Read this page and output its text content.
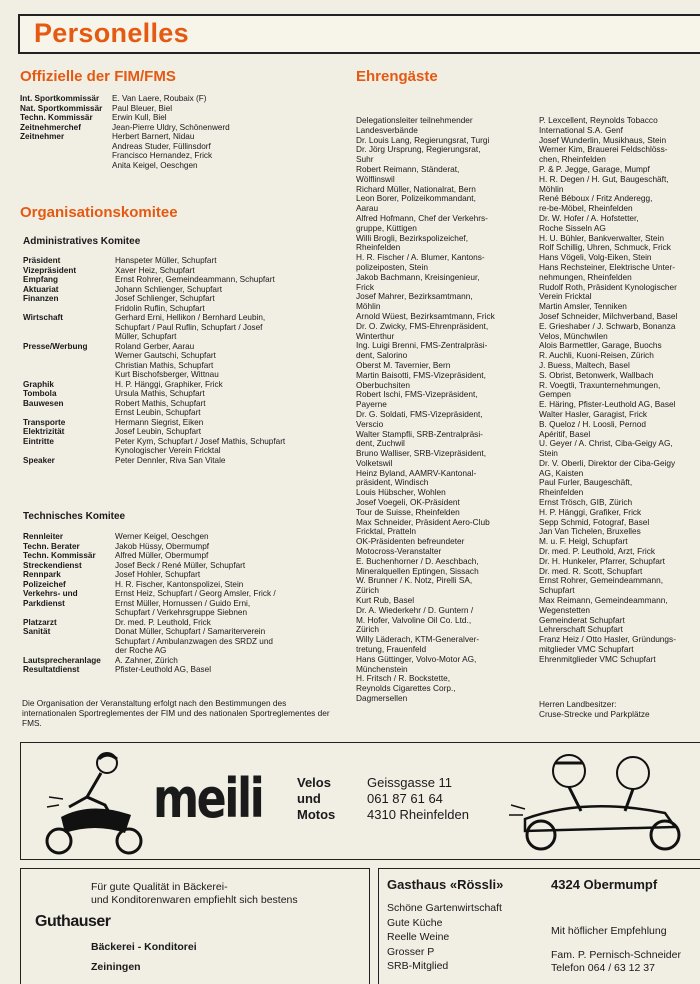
Personelles
Offizielle der FIM/FMS
Int. Sportkommissär	E. Van Laere, Roubaix (F)
Nat. Sportkommissär	Paul Bleuer, Biel
Techn. Kommissär	Erwin Kull, Biel
Zeitnehmerchef	Jean-Pierre Uldry, Schönenwerd
Zeitnehmer	Herbert Barnert, Nidau
Andreas Studer, Füllinsdorf
Francisco Hernandez, Frick
Anita Keigel, Oeschgen
Organisationskomitee
Administratives Komitee
Präsident	Hanspeter Müller, Schupfart
Vizepräsident	Xaver Heiz, Schupfart
Empfang	Ernst Rohrer, Gemeindeammann, Schupfart
Aktuariat	Johann Schlienger, Schupfart
Finanzen	Josef Schlienger, Schupfart
Fridolin Ruflin, Schupfart
Wirtschaft	Gerhard Erni, Hellikon / Bernhard Leubin,
Schupfart / Paul Ruflin, Schupfart / Josef
Müller, Schupfart
Presse/Werbung	Roland Gerber, Aarau
Werner Gautschi, Schupfart
Christian Mathis, Schupfart
Kurt Bischofsberger, Wittnau
Graphik	H. P. Hänggi, Graphiker, Frick
Tombola	Ursula Mathis, Schupfart
Bauwesen	Robert Mathis, Schupfart
Ernst Leubin, Schupfart
Transporte	Hermann Siegrist, Eiken
Elektrizität	Josef Leubin, Schupfart
Eintritte	Peter Kym, Schupfart / Josef Mathis, Schupfart
Kynologischer Verein Fricktal
Speaker	Peter Dennler, Riva San Vitale
Technisches Komitee
Rennleiter	Werner Keigel, Oeschgen
Techn. Berater	Jakob Hüssy, Obermumpf
Techn. Kommissär	Alfred Müller, Obermumpf
Streckendienst	Josef Beck / René Müller, Schupfart
Rennpark	Josef Hohler, Schupfart
Polizeichef	H. R. Fischer, Kantonspolizei, Stein
Verkehrs- und	Ernst Heiz, Schupfart / Georg Amsler, Frick /
Parkdienst	Ernst Müller, Hornussen / Guido Erni,
Schupfart / Verkehrsgruppe Siebnen
Platzarzt	Dr. med. P. Leuthold, Frick
Sanität	Donat Müller, Schupfart / Samariterverein
Schupfart / Ambulanzwagen des SRDZ und
der Roche AG
Lautsprecheranlage	A. Zahner, Zürich
Resultatdienst	Pfister-Leuthold AG, Basel
Die Organisation der Veranstaltung erfolgt nach den Bestimmungen des internationalen Sportreglementes der FIM und des nationalen Sportreglementes der FMS.
Ehrengäste
Delegationsleiter teilnehmender
Landesverbände
Dr. Louis Lang, Regierungsrat, Turgi
Dr. Jörg Ursprung, Regierungsrat,
Suhr
Robert Reimann, Ständerat,
Wölflinswil
Richard Müller, Nationalrat, Bern
Leon Borer, Polizeikommandant,
Aarau
Alfred Hofmann, Chef der Verkehrs-
gruppe, Küttigen
Willi Brogli, Bezirkspolizeichef,
Rheinfelden
H. R. Fischer / A. Blumer, Kantons-
polizeiposten, Stein
Jakob Bachmann, Kreisingenieur,
Frick
Josef Mahrer, Bezirksamtmann,
Möhlin
Arnold Wüest, Bezirksamtmann, Frick
Dr. O. Zwicky, FMS-Ehrenpräsident,
Winterthur
Ing. Luigi Brenni, FMS-Zentralpräsi-
dent, Salorino
Oberst M. Tavernier, Bern
Martin Baisotti, FMS-Vizepräsident,
Oberbuchsiten
Robert Ischi, FMS-Vizepräsident,
Payerne
Dr. G. Soldati, FMS-Vizepräsident,
Verscio
Walter Stampfli, SRB-Zentralpräsi-
dent, Zuchwil
Bruno Walliser, SRB-Vizepräsident,
Volketswil
Heinz Byland, AAMRV-Kantonal-
präsident, Windisch
Louis Hübscher, Wohlen
Josef Voegeli, OK-Präsident
Tour de Suisse, Rheinfelden
Max Schneider, Präsident Aero-Club
Fricktal, Pratteln
OK-Präsidenten befreundeter
Motocross-Veranstalter
E. Buchenhorner / D. Aeschbach,
Mineralquellen Eptingen, Sissach
W. Brunner / K. Notz, Pirelli SA,
Zürich
Kurt Rub, Basel
Dr. A. Wiederkehr / D. Guntern /
M. Hofer, Valvoline Oil Co. Ltd.,
Zürich
Willy Läderach, KTM-Generalver-
tretung, Frauenfeld
Hans Güttinger, Volvo-Motor AG,
Münchenstein
H. Fritsch / R. Bockstette,
Reynolds Cigarettes Corp.,
Dagmersellen
P. Lexcellent, Reynolds Tobacco
International S.A. Genf
Josef Wunderlin, Musikhaus, Stein
Werner Kim, Brauerei Feldschlöss-
chen, Rheinfelden
P. & P. Jegge, Garage, Mumpf
H. R. Degen / H. Gut, Baugeschäft,
Möhlin
René Béboux / Fritz Anderegg,
re-be-Möbel, Rheinfelden
Dr. W. Hofer / A. Hofstetter,
Roche Sisseln AG
H. U. Bühler, Bankverwalter, Stein
Rolf Schillig, Uhren, Schmuck, Frick
Hans Vögeli, Volg-Eiken, Stein
Hans Rechsteiner, Elektrische Unter-
nehmungen, Rheinfelden
Rudolf Roth, Präsident Kynologischer
Verein Fricktal
Martin Amsler, Tenniken
Josef Schneider, Milchverband, Basel
E. Grieshaber / J. Schwarb, Bonanza
Velos, Münchwilen
Alois Barmettler, Garage, Buochs
R. Auchli, Kuoni-Reisen, Zürich
J. Buess, Maltech, Basel
S. Obrist, Betonwerk, Wallbach
R. Voegtli, Traxunternehmungen,
Gempen
E. Häring, Pfister-Leuthold AG, Basel
Walter Hasler, Garagist, Frick
B. Queloz / H. Loosli, Pernod
Apéritif, Basel
U. Geyer / A. Christ, Ciba-Geigy AG,
Stein
Dr. V. Oberli, Direktor der Ciba-Geigy
AG, Kaisten
Paul Furler, Baugeschäft,
Rheinfelden
Ernst Trösch, GIB, Zürich
H. P. Hänggi, Grafiker, Frick
Sepp Schmid, Fotograf, Basel
Jan Van Tichelen, Bruxelles
M. u. F. Heigl, Schupfart
Dr. med. P. Leuthold, Arzt, Frick
Dr. H. Hunkeler, Pfarrer, Schupfart
Dr. med. R. Scott, Schupfart
Ernst Rohrer, Gemeindeammann,
Schupfart
Max Reimann, Gemeindeammann,
Wegenstetten
Gemeinderat Schupfart
Lehrerschaft Schupfart
Franz Heiz / Otto Hasler, Gründungs-
mitglieder VMC Schupfart
Ehrenmitglieder VMC Schupfart
Herren Landbesitzer:
Cruse-Strecke und Parkplätze
meili	Velos
und
Motos
Geissgasse 11
061 87 61 64
4310 Rheinfelden
Für gute Qualität in Bäckerei-
und Konditorenwaren empfiehlt sich bestens
Guthauser
Bäckerei - Konditorei
Zeiningen
Gasthaus «Rössli»	4324 Obermumpf
Schöne Gartenwirtschaft
Gute Küche
Reelle Weine
Grosser P
SRB-Mitglied
Mit höflicher Empfehlung
Fam. P. Pernisch-Schneider
Telefon 064 / 63 12 37
